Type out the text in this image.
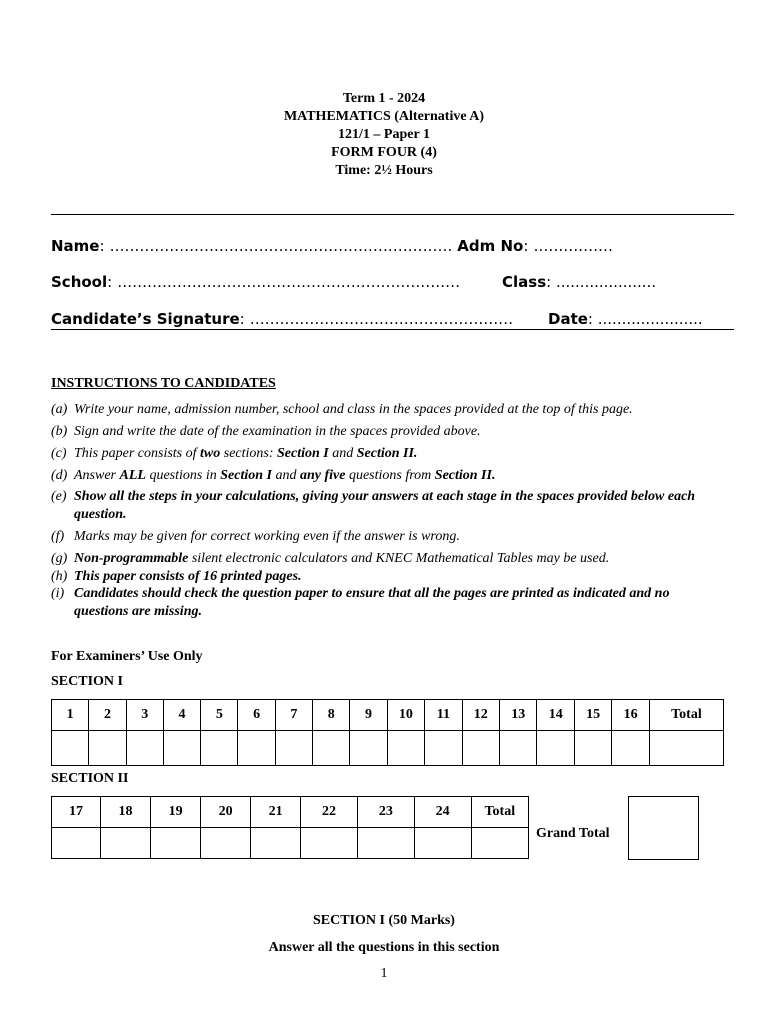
Term 1 - 2024
MATHEMATICS (Alternative A)
121/1 – Paper 1
FORM FOUR (4)
Time: 2½ Hours
Name: ..................................................................... Adm No: ................
School: .....................................................................	Class: .....................
Candidate’s Signature: .....................................................	Date: ......................
INSTRUCTIONS TO CANDIDATES
(a) Write your name, admission number, school and class in the spaces provided at the top of this page.
(b) Sign and write the date of the examination in the spaces provided above.
(c) This paper consists of two sections: Section I and Section II.
(d) Answer ALL questions in Section I and any five questions from Section II.
(e) Show all the steps in your calculations, giving your answers at each stage in the spaces provided below each question.
(f) Marks may be given for correct working even if the answer is wrong.
(g) Non-programmable silent electronic calculators and KNEC Mathematical Tables may be used.
(h) This paper consists of 16 printed pages.
(i) Candidates should check the question paper to ensure that all the pages are printed as indicated and no questions are missing.
For Examiners’ Use Only
SECTION I
1	2	3	4	5	6	7	8	9	10	11	12	13	14	15	16	Total

SECTION II
17	18	19	20	21	22	23	24	Total

Grand Total
SECTION I (50 Marks)
Answer all the questions in this section
1
